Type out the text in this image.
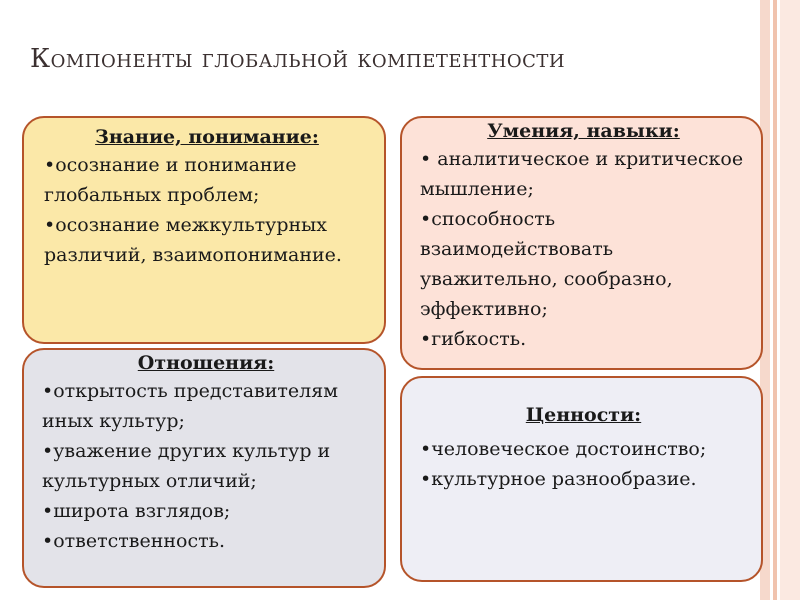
Компоненты глобальной компетентности
Знание, понимание:
•осознание и понимание глобальных проблем;
•осознание межкультурных различий, взаимопонимание.
Умения, навыки:
• аналитическое и критическое мышление;
•способность взаимодействовать уважительно, сообразно, эффективно;
•гибкость.
Отношения:
•открытость представителям иных культур;
•уважение других культур и культурных отличий;
•широта взглядов;
•ответственность.
Ценности:
•человеческое достоинство;
•культурное разнообразие.
